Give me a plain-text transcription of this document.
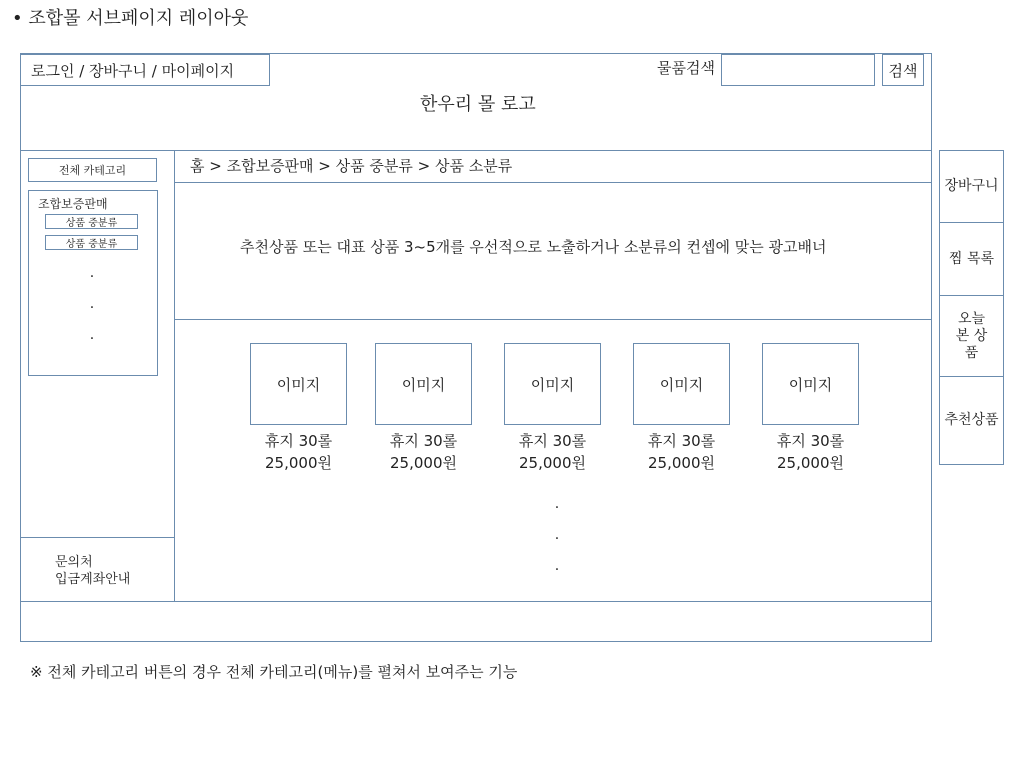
• 조합몰 서브페이지 레이아웃
로그인 / 장바구니 / 마이페이지	물품검색	검색
한우리 몰 로고
전체 카테고리
조합보증판매
상품 중분류
상품 중분류
·
·
·
문의처
입금계좌안내
홈 > 조합보증판매 > 상품 중분류 > 상품 소분류
추천상품 또는 대표 상품 3~5개를 우선적으로 노출하거나 소분류의 컨셉에 맞는 광고배너
이미지	이미지	이미지	이미지	이미지
휴지 30롤	휴지 30롤	휴지 30롤	휴지 30롤	휴지 30롤
25,000원	25,000원	25,000원	25,000원	25,000원
·
·
·
장바구니
찜 목록
오늘 본 상품
추천상품
※ 전체 카테고리 버튼의 경우 전체 카테고리(메뉴)를 펼쳐서 보여주는 기능
